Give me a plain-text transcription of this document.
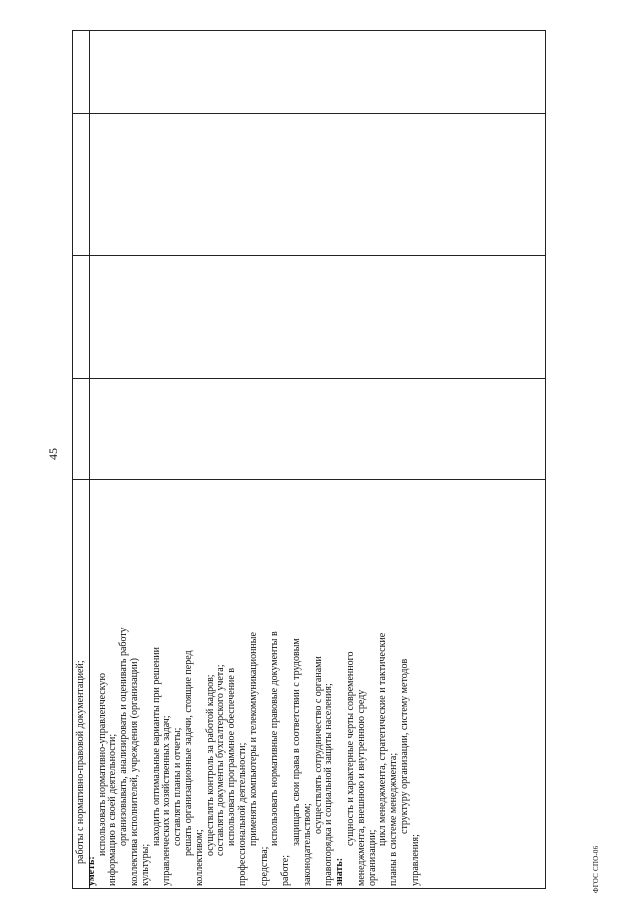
45
работы с нормативно-правовой документацией;
уметь:
использовать нормативно-управленческую информацию в своей деятельности; организовывать, анализировать и оценивать работу коллектива исполнителей, учреждения (организации) культуры;
находить оптимальные варианты при решении управленческих и хозяйственных задач; составлять планы и отчеты; решать организационные задачи, стоящие перед
коллективом;
осуществлять контроль за работой кадров; составлять документы бухгалтерского учета; использовать программное обеспечение в профессиональной деятельности; применять компьютеры и телекоммуникационные
средства;
использовать нормативные правовые документы в
работе;
защищать свои права в соответствии с трудовым законодательством;
осуществлять сотрудничество с органами правопорядка и социальной защиты населения; знать:
сущность и характерные черты современного менеджмента, внешнюю и внутреннюю среду организации;
цикл менеджмента, стратегические и тактические планы в системе менеджмента; структуру организации, систему методов
управления;	ФГОС СПО-06
